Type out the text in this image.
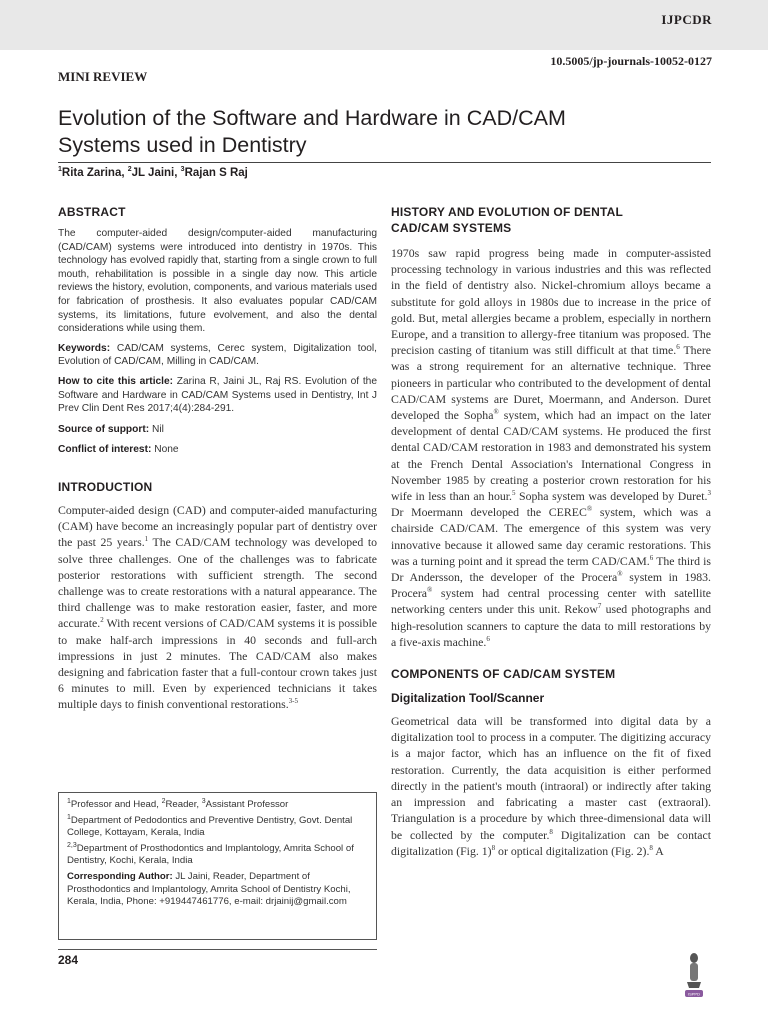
IJPCDR
10.5005/jp-journals-10052-0127
MINI REVIEW
Evolution of the Software and Hardware in CAD/CAM
Systems used in Dentistry
$^1$Rita Zarina, $^2$JL Jaini, $^3$Rajan S Raj
ABSTRACT

The computer-aided design/computer-aided manufacturing (CAD/CAM) systems were introduced into dentistry in 1970s. This technology has evolved rapidly that, starting from a single crown to full mouth, rehabilitation is possible in a single day now. This article reviews the history, evolution, components, and various materials used for fabrication of prosthesis. It also evaluates popular CAD/CAM systems, its limitations, future evolvement, and also the dental considerations while using them.

Keywords: CAD/CAM systems, Cerec system, Digitalization tool, Evolution of CAD/CAM, Milling in CAD/CAM.

How to cite this article: Zarina R, Jaini JL, Raj RS. Evolution of the Software and Hardware in CAD/CAM Systems used in Dentistry, Int J Prev Clin Dent Res 2017;4(4):284-291.

Source of support: Nil

Conflict of interest: None

INTRODUCTION

Computer-aided design (CAD) and computer-aided manufacturing (CAM) have become an increasingly popular part of dentistry over the past 25 years.$^1$ The CAD/CAM technology was developed to solve three challenges. One of the challenges was to fabricate posterior restorations with sufficient strength. The second challenge was to create restorations with a natural appearance. The third challenge was to make restoration easier, faster, and more accurate.$^2$ With recent versions of CAD/CAM systems it is possible to make half-arch impressions in 40 seconds and full-arch impressions in just 2 minutes. The CAD/CAM also makes designing and fabrication faster that a full-contour crown takes just 6 minutes to mill. Even by experienced technicians it takes multiple days to finish conventional restorations.$^{3-5}$

$^1$Professor and Head, $^2$Reader, $^3$Assistant Professor

$^1$Department of Pedodontics and Preventive Dentistry, Govt. Dental College, Kottayam, Kerala, India

$^{2,3}$Department of Prosthodontics and Implantology, Amrita School of Dentistry, Kochi, Kerala, India

Corresponding Author: JL Jaini, Reader, Department of Prosthodontics and Implantology, Amrita School of Dentistry Kochi, Kerala, India, Phone: +919447461776, e-mail: drjainij@gmail.com

284
HISTORY AND EVOLUTION OF DENTAL CAD/CAM SYSTEMS

1970s saw rapid progress being made in computer-assisted processing technology in various industries and this was reflected in the field of dentistry also. Nickel-chromium alloys became a substitute for gold alloys in 1980s due to increase in the price of gold. But, metal allergies became a problem, especially in northern Europe, and a transition to allergy-free titanium was proposed. The precision casting of titanium was still difficult at that time.$^6$ There was a strong requirement for an alternative technique. Three pioneers in particular who contributed to the development of dental CAD/CAM systems are Duret, Moermann, and Anderson. Duret developed the Sopha® system, which had an impact on the later development of dental CAD/CAM systems. He produced the first dental CAD/CAM restoration in 1983 and demonstrated his system at the French Dental Association's International Congress in November 1985 by creating a posterior crown restoration for his wife in less than an hour.$^5$ Sopha system was developed by Duret.$^3$ Dr Moermann developed the CEREC® system, which was a chairside CAD/CAM. The emergence of this system was very innovative because it allowed same day ceramic restorations. This was a turning point and it spread the term CAD/CAM.$^6$ The third is Dr Andersson, the developer of the Procera® system in 1983. Procera® system had central processing center with satellite networking centers under this unit. Rekow$^7$ used photographs and high-resolution scanners to capture the data to mill restorations by a five-axis machine.$^6$

COMPONENTS OF CAD/CAM SYSTEM
Digitalization Tool/Scanner

Geometrical data will be transformed into digital data by a digitalization tool to process in a computer. The digitizing accuracy is a major factor, which has an influence on the fit of fixed restoration. Currently, the data acquisition is either performed directly in the patient's mouth (intraoral) or indirectly after taking an impression and fabricating a master cast (extraoral). Triangulation is a procedure by which three-dimensional data will be collected by the computer.$^8$ Digitalization can be contact digitalization (Fig. 1)$^8$ or optical digitalization (Fig. 2).$^8$ A

ISPPD
